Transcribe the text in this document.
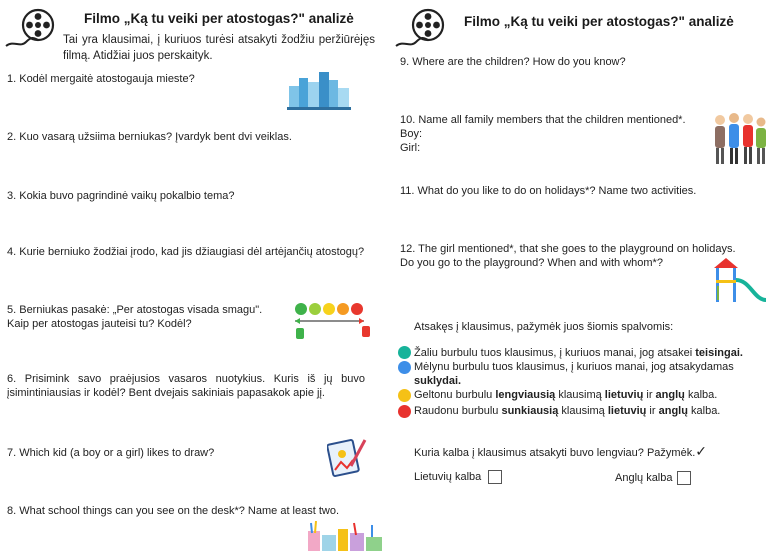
Filmo „Ką tu veiki per atostogas?" analizė
Tai yra klausimai, į kuriuos turėsi atsakyti žodžiu peržiūrėjęs filmą. Atidžiai juos perskaityk.
1. Kodėl mergaitė atostogauja mieste?
2. Kuo vasarą užsiima berniukas? Įvardyk bent dvi veiklas.
3. Kokia buvo pagrindinė vaikų pokalbio tema?
4. Kurie berniuko žodžiai įrodo, kad jis džiaugiasi dėl artėjančių atostogų?
5. Berniukas pasakė: „Per atostogas visada smagu".
Kaip per atostogas jauteisi tu? Kodėl?
6. Prisimink savo praėjusios vasaros nuotykius. Kuris iš jų buvo įsimintiniausias ir kodėl? Bent dvejais sakiniais papasakok apie jį.
7. Which kid (a boy or a girl) likes to draw?
8. What school things can you see on the desk*? Name at least two.
Filmo „Ką tu veiki per atostogas?" analizė
9. Where are the children? How do you know?
10. Name all family members that the children mentioned*.
Boy:
Girl:
11. What do you like to do on holidays*? Name two activities.
12. The girl mentioned*, that she goes to the playground on holidays.
Do you go to the playground? When and with whom*?
Atsakęs į klausimus, pažymėk juos šiomis spalvomis:
Žaliu burbulu tuos klausimus, į kuriuos manai, jog atsakei teisingai.
Mėlynu burbulu tuos klausimus, į kuriuos manai, jog atsakydamas suklydai.
Geltonu burbulu lengviausią klausimą lietuvių ir anglų kalba.
Raudonu burbulu sunkiausią klausimą lietuvių ir anglų kalba.
Kuria kalba į klausimus atsakyti buvo lengviau? Pažymėk.✓
Lietuvių kalba	Anglų kalba
